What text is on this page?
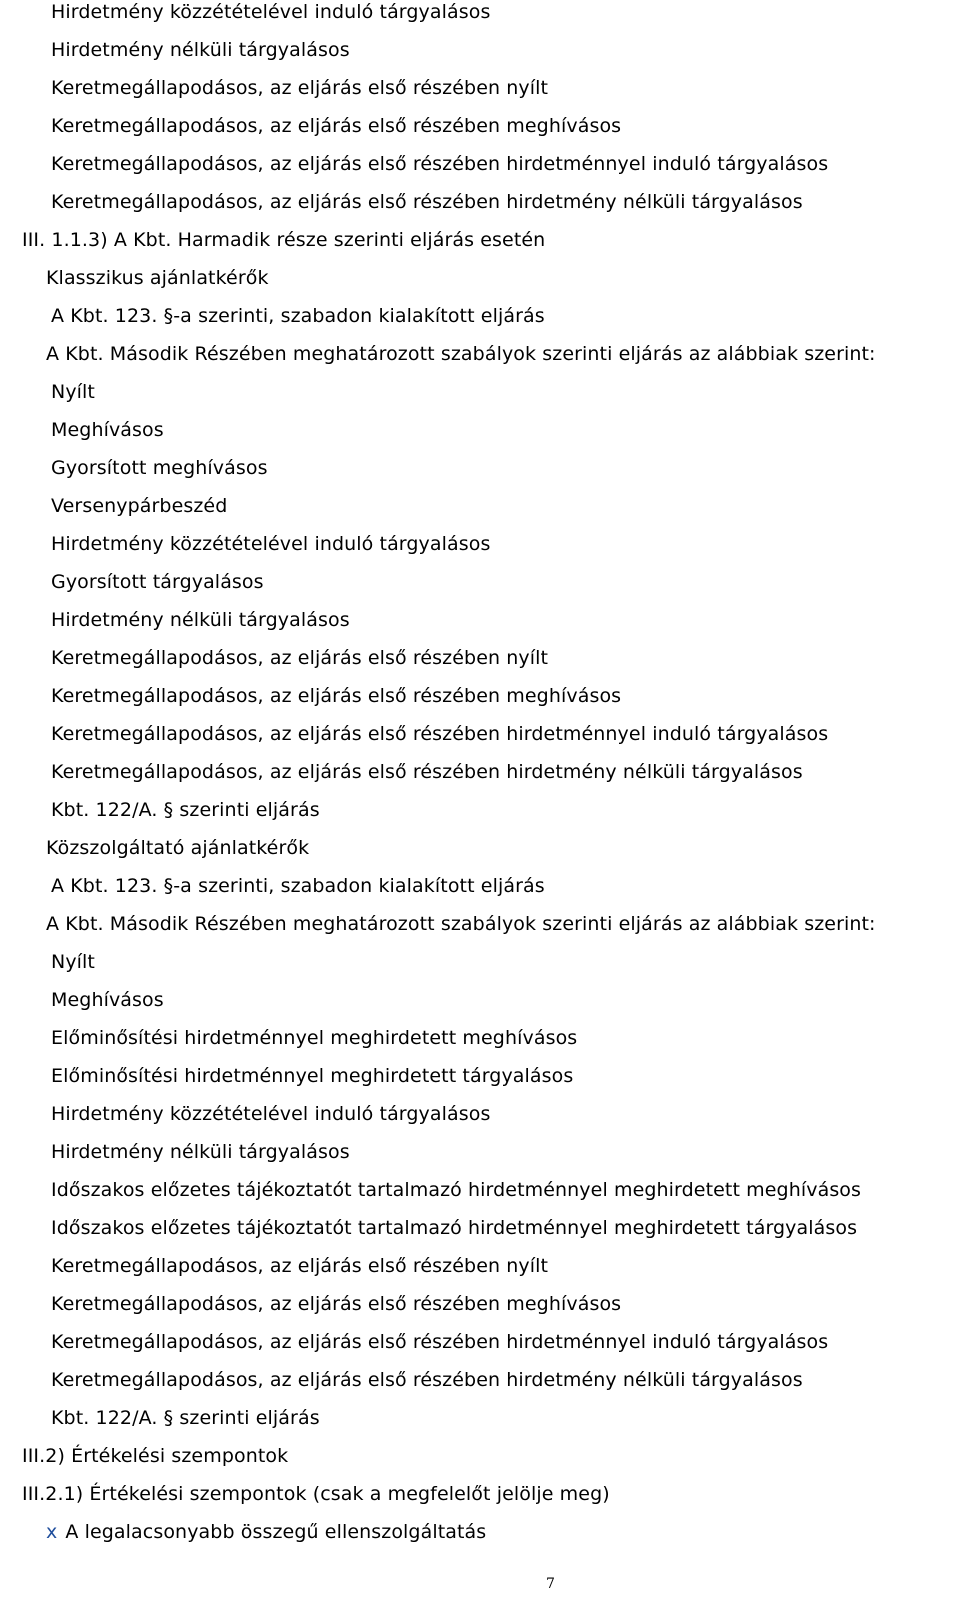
Hirdetmény közzétételével induló tárgyalásos
Hirdetmény nélküli tárgyalásos
Keretmegállapodásos, az eljárás első részében nyílt
Keretmegállapodásos, az eljárás első részében meghívásos
Keretmegállapodásos, az eljárás első részében hirdetménnyel induló tárgyalásos
Keretmegállapodásos, az eljárás első részében hirdetmény nélküli tárgyalásos
III. 1.1.3) A Kbt. Harmadik része szerinti eljárás esetén
Klasszikus ajánlatkérők
A Kbt. 123. §-a szerinti, szabadon kialakított eljárás
A Kbt. Második Részében meghatározott szabályok szerinti eljárás az alábbiak szerint:
Nyílt
Meghívásos
Gyorsított meghívásos
Versenypárbeszéd
Hirdetmény közzétételével induló tárgyalásos
Gyorsított tárgyalásos
Hirdetmény nélküli tárgyalásos
Keretmegállapodásos, az eljárás első részében nyílt
Keretmegállapodásos, az eljárás első részében meghívásos
Keretmegállapodásos, az eljárás első részében hirdetménnyel induló tárgyalásos
Keretmegállapodásos, az eljárás első részében hirdetmény nélküli tárgyalásos
Kbt. 122/A. § szerinti eljárás
Közszolgáltató ajánlatkérők
A Kbt. 123. §-a szerinti, szabadon kialakított eljárás
A Kbt. Második Részében meghatározott szabályok szerinti eljárás az alábbiak szerint:
Nyílt
Meghívásos
Előminősítési hirdetménnyel meghirdetett meghívásos
Előminősítési hirdetménnyel meghirdetett tárgyalásos
Hirdetmény közzétételével induló tárgyalásos
Hirdetmény nélküli tárgyalásos
Időszakos előzetes tájékoztatót tartalmazó hirdetménnyel meghirdetett meghívásos
Időszakos előzetes tájékoztatót tartalmazó hirdetménnyel meghirdetett tárgyalásos
Keretmegállapodásos, az eljárás első részében nyílt
Keretmegállapodásos, az eljárás első részében meghívásos
Keretmegállapodásos, az eljárás első részében hirdetménnyel induló tárgyalásos
Keretmegállapodásos, az eljárás első részében hirdetmény nélküli tárgyalásos
Kbt. 122/A. § szerinti eljárás
III.2) Értékelési szempontok
III.2.1) Értékelési szempontok (csak a megfelelőt jelölje meg)
x A legalacsonyabb összegű ellenszolgáltatás
7
